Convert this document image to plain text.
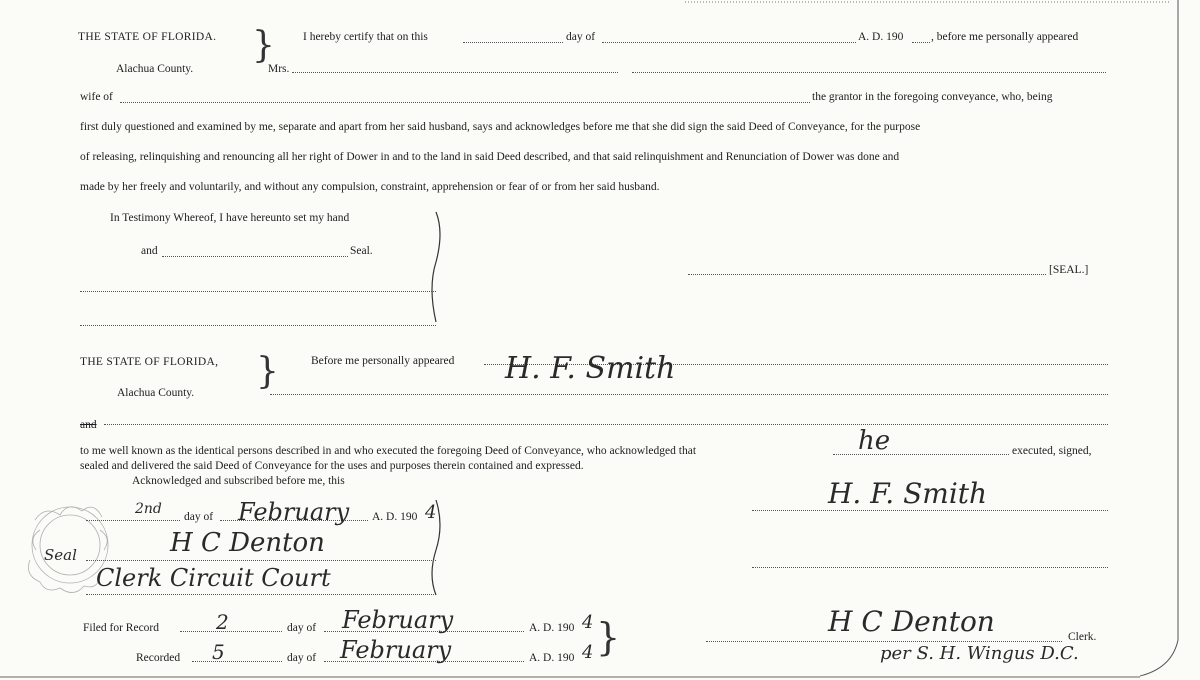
THE STATE OF FLORIDA. }
Alachua County.
I hereby certify that on this	day of	A. D. 190 , before me personally appeared
Mrs.
wife of	the grantor in the foregoing conveyance, who, being
first duly questioned and examined by me, separate and apart from her said husband, says and acknowledges before me that she did sign the said Deed of Conveyance, for the purpose
of releasing, relinquishing and renouncing all her right of Dower in and to the land in said Deed described, and that said relinquishment and Renunciation of Dower was done and
made by her freely and voluntarily, and without any compulsion, constraint, apprehension or fear of or from her said husband.
In Testimony Whereof, I have hereunto set my hand
and	Seal.
[SEAL.]
THE STATE OF FLORIDA, }
Alachua County.
Before me personally appeared H. F. Smith
and
to me well known as the identical persons described in and who executed the foregoing Deed of Conveyance, who acknowledged that	he	executed, signed,
sealed and delivered the said Deed of Conveyance for the uses and purposes therein contained and expressed.
Acknowledged and subscribed before me, this
2nd day of February A. D. 190 4
H C Denton
Seal
Clerk Circuit Court
H. F. Smith
Filed for Record	2	day of February	A. D. 190 4
Recorded 5	day of February	A. D. 190 4 }	H C Denton	Clerk.
per S. H. Wingus D.C.
